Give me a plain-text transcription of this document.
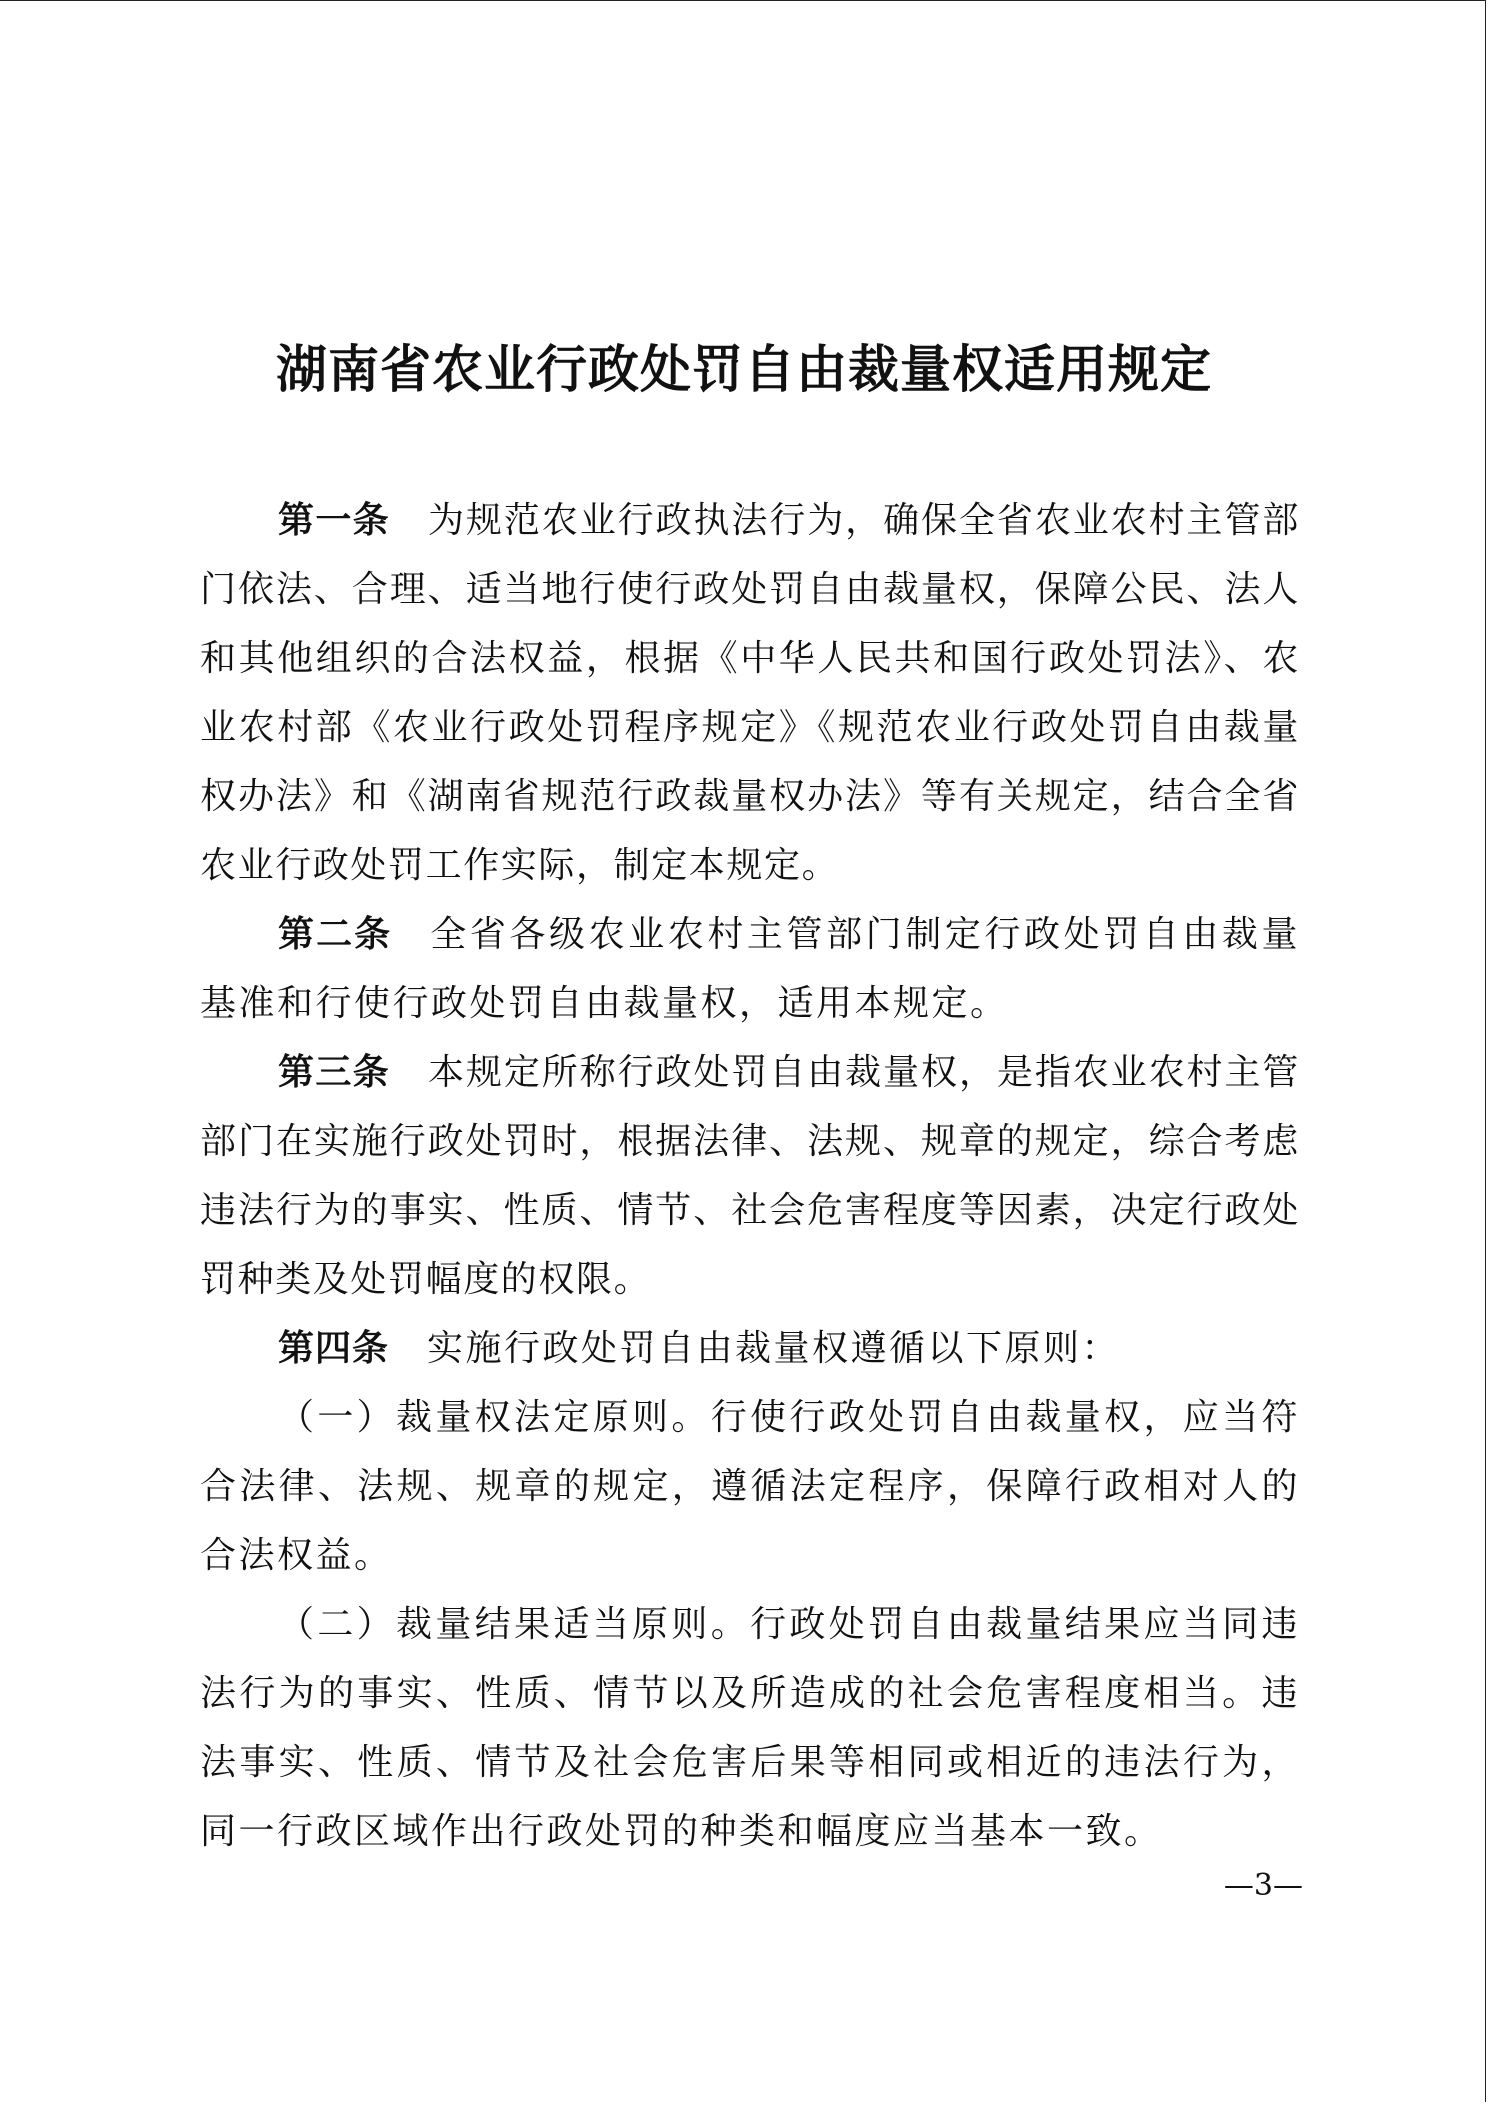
湖南省农业行政处罚自由裁量权适用规定

第一条 为规范农业行政执法行为，确保全省农业农村主管部门依法、合理、适当地行使行政处罚自由裁量权，保障公民、法人和其他组织的合法权益，根据《中华人民共和国行政处罚法》、农业农村部《农业行政处罚程序规定》《规范农业行政处罚自由裁量权办法》和《湖南省规范行政裁量权办法》等有关规定，结合全省农业行政处罚工作实际，制定本规定。

第二条 全省各级农业农村主管部门制定行政处罚自由裁量基准和行使行政处罚自由裁量权，适用本规定。

第三条 本规定所称行政处罚自由裁量权，是指农业农村主管部门在实施行政处罚时，根据法律、法规、规章的规定，综合考虑违法行为的事实、性质、情节、社会危害程度等因素，决定行政处罚种类及处罚幅度的权限。

第四条 实施行政处罚自由裁量权遵循以下原则：

（一）裁量权法定原则。行使行政处罚自由裁量权，应当符合法律、法规、规章的规定，遵循法定程序，保障行政相对人的合法权益。

（二）裁量结果适当原则。行政处罚自由裁量结果应当同违法行为的事实、性质、情节以及所造成的社会危害程度相当。违法事实、性质、情节及社会危害后果等相同或相近的违法行为，同一行政区域作出行政处罚的种类和幅度应当基本一致。

—3—
